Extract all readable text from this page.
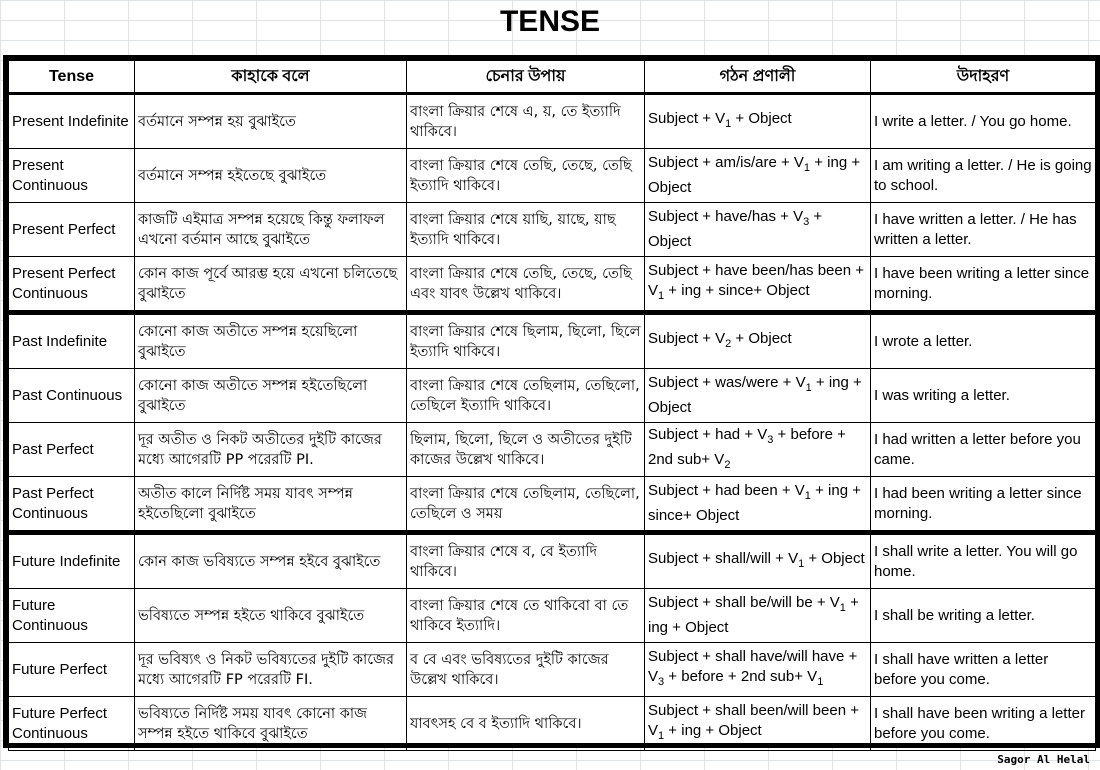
TENSE
Tense	কাহাকে বলে	চেনার উপায়	গঠন প্রণালী	উদাহরণ
Present Indefinite	বর্তমানে সম্পন্ন হয় বুঝাইতে	বাংলা ক্রিয়ার শেষে এ, য়, তে ইত্যাদি থাকিবে।	Subject + $V_1$ + Object	I write a letter. / You go home.
Present Continuous	বর্তমানে সম্পন্ন হইতেছে বুঝাইতে	বাংলা ক্রিয়ার শেষে তেছি, তেছে, তেছি ইত্যাদি থাকিবে।	Subject + $am/is/are + V_1$ + ing + Object	I am writing a letter. / He is going to school.
Present Perfect	কাজটি এইমাত্র সম্পন্ন হয়েছে কিন্তু ফলাফল এখনো বর্তমান আছে বুঝাইতে	বাংলা ক্রিয়ার শেষে য়াছি, য়াছে, য়াছ ইত্যাদি থাকিবে।	Subject + have/has + $V_3$ + Object	I have written a letter. / He has written a letter.
Present Perfect Continuous	কোন কাজ পূর্বে আরম্ভ হয়ে এখনো চলিতেছে বুঝাইতে	বাংলা ক্রিয়ার শেষে তেছি, তেছে, তেছি এবং যাবৎ উল্লেখ থাকিবে।	Subject + have been/has been + $V_1$ + ing + since+ Object	I have been writing a letter since morning.
Past Indefinite	কোনো কাজ অতীতে সম্পন্ন হয়েছিলো বুঝাইতে	বাংলা ক্রিয়ার শেষে ছিলাম, ছিলো, ছিলে ইত্যাদি থাকিবে।	Subject + $V_2$ + Object	I wrote a letter.
Past Continuous	কোনো কাজ অতীতে সম্পন্ন হইতেছিলো বুঝাইতে	বাংলা ক্রিয়ার শেষে তেছিলাম, তেছিলো, তেছিলে ইত্যাদি থাকিবে।	Subject + was/were + $V_1$ + ing + Object	I was writing a letter.
Past Perfect	দূর অতীত ও নিকট অতীতের দুইটি কাজের মধ্যে আগেরটি PP পরেরটি PI.	ছিলাম, ছিলো, ছিলে ও অতীতের দুইটি কাজের উল্লেখ থাকিবে।	Subject + had + $V_3$ + before + 2nd $sub+ V_2$	I had written a letter before you came.
Past Perfect Continuous	অতীত কালে নির্দিষ্ট সময় যাবৎ সম্পন্ন হইতেছিলো বুঝাইতে	বাংলা ক্রিয়ার শেষে তেছিলাম, তেছিলো, তেছিলে ও সময়	Subject + had been + $V_1$ + ing + since+ Object	I had been writing a letter since morning.
Future Indefinite	কোন কাজ ভবিষ্যতে সম্পন্ন হইবে বুঝাইতে	বাংলা ক্রিয়ার শেষে ব, বে ইত্যাদি থাকিবে।	Subject + shall/will + $V_1$ + Object	I shall write a letter. You will go home.
Future Continuous	ভবিষ্যতে সম্পন্ন হইতে থাকিবে বুঝাইতে	বাংলা ক্রিয়ার শেষে তে থাকিবো বা তে থাকিবে ইত্যাদি।	Subject + shall be/will be + $V_1$ + ing + Object	I shall be writing a letter.
Future Perfect	দূর ভবিষ্যৎ ও নিকট ভবিষ্যতের দুইটি কাজের মধ্যে আগেরটি FP পরেরটি FI.	ব বে এবং ভবিষ্যতের দুইটি কাজের উল্লেখ থাকিবে।	Subject + shall have/will have + $V_3$ + before + 2nd $sub+ V_1$	I shall have written a letter before you come.
Future Perfect Continuous	ভবিষ্যতে নির্দিষ্ট সময় যাবৎ কোনো কাজ সম্পন্ন হইতে থাকিবে বুঝাইতে	যাবৎসহ বে ব ইত্যাদি থাকিবে।	Subject + shall been/will been + $V_1$ + ing + Object	I shall have been writing a letter before you come.
Sagor Al Helal
